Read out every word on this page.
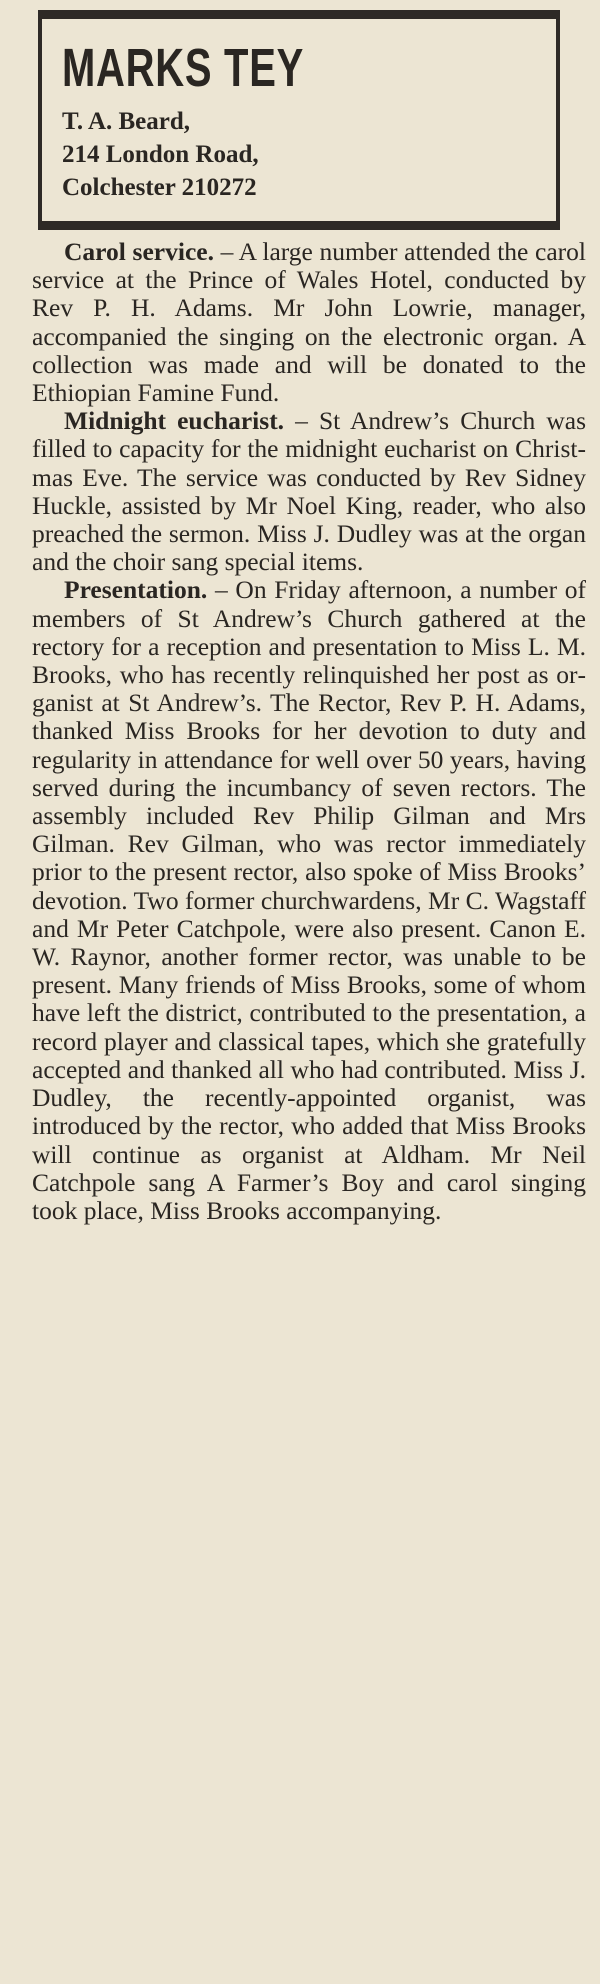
MARKS TEY
T. A. Beard,
214 London Road,
Colchester 210272

Carol service. – A large number attended the carol service at the Prince of Wales Hotel, conducted by Rev P. H. Adams. Mr John Lowrie, manager, accompanied the singing on the electronic organ. A collection was made and will be donated to the Ethiopian Famine Fund.

Midnight eucharist. – St Andrew’s Church was filled to capacity for the midnight eucharist on Christmas Eve. The service was conducted by Rev Sidney Huckle, assisted by Mr Noel King, reader, who also preached the sermon. Miss J. Dudley was at the organ and the choir sang special items.

Presentation. – On Friday afternoon, a number of members of St Andrew’s Church gathered at the rectory for a reception and presentation to Miss L. M. Brooks, who has recently relinquished her post as organist at St Andrew’s. The Rector, Rev P. H. Adams, thanked Miss Brooks for her devotion to duty and regularity in attendance for well over 50 years, having served during the incumbancy of seven rectors. The assembly included Rev Philip Gilman and Mrs Gilman. Rev Gilman, who was rector immediately prior to the present rector, also spoke of Miss Brooks’ devotion. Two former churchwardens, Mr C. Wagstaff and Mr Peter Catchpole, were also present. Canon E. W. Raynor, another former rector, was unable to be present. Many friends of Miss Brooks, some of whom have left the district, contributed to the presentation, a record player and classical tapes, which she gratefully accepted and thanked all who had contributed. Miss J. Dudley, the recently-appointed organist, was introduced by the rector, who added that Miss Brooks will continue as organist at Aldham. Mr Neil Catchpole sang A Farmer’s Boy and carol singing took place, Miss Brooks accompanying.
